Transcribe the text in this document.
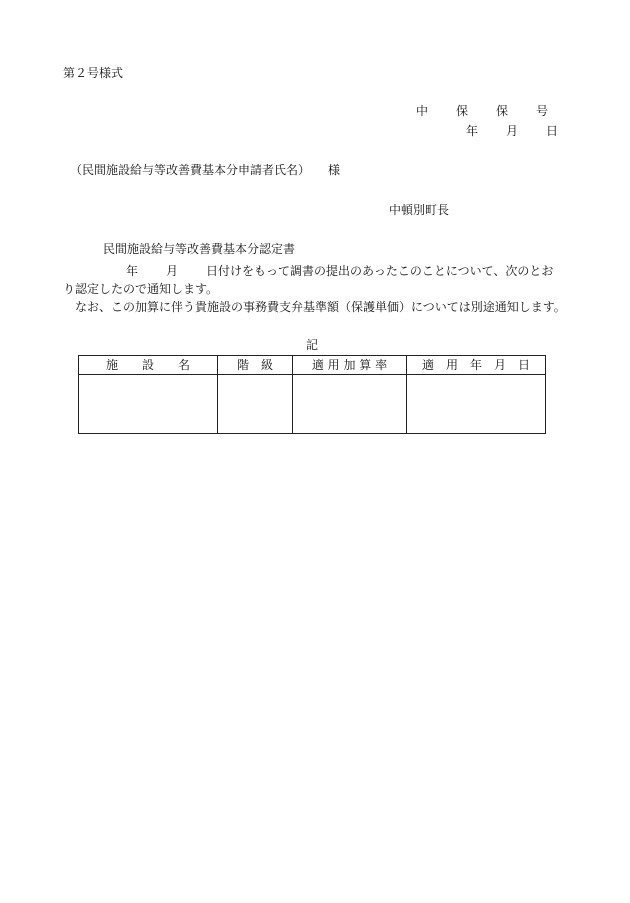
第２号様式
中 保 保 号
年 月 日
（民間施設給与等改善費基本分申請者氏名） 様
中頓別町長
民間施設給与等改善費基本分認定書

年 月 日付けをもって調書の提出のあったこのことについて、次のとお
り認定したので通知します。

なお、この加算に伴う貴施設の事務費支弁基準額（保護単価）については別途通知します。

記
施　　設　　名	階　級	適 用 加 算 率	適　用　年　月　日
